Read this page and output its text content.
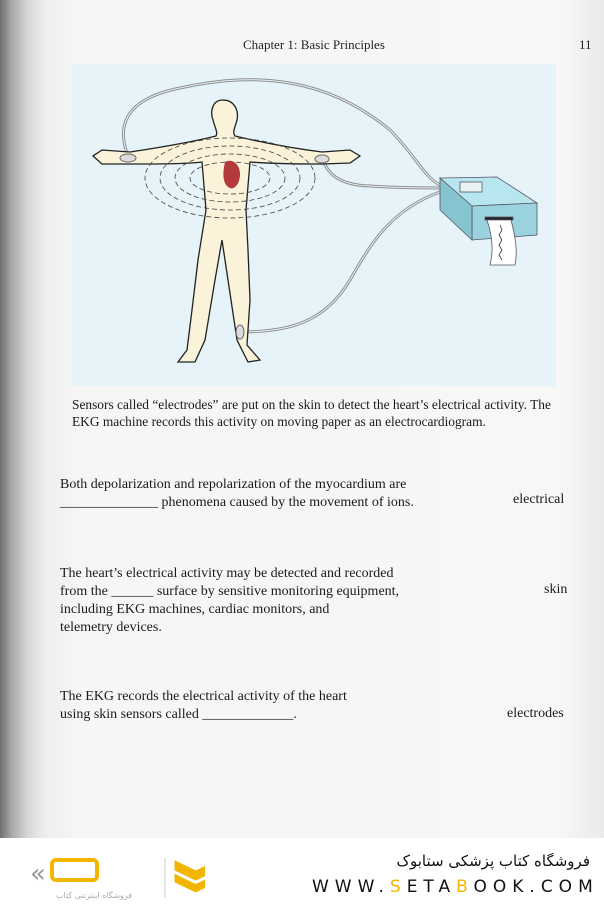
Chapter 1: Basic Principles	11
Sensors called “electrodes” are put on the skin to detect the heart’s electrical activity. The EKG machine records this activity on moving paper as an electrocardiogram.
Both depolarization and repolarization of the myocardium are
______________ phenomena caused by the movement of ions.	electrical
The heart’s electrical activity may be detected and recorded
from the ______ surface by sensitive monitoring equipment,
including EKG machines, cardiac monitors, and
telemetry devices.
skin
The EKG records the electrical activity of the heart
using skin sensors called _____________.	electrodes
«
فروشگاه اینترنتی کتاب
فروشگاه کتاب پزشکی ستابوک
WWW.SETABOOK.COM
